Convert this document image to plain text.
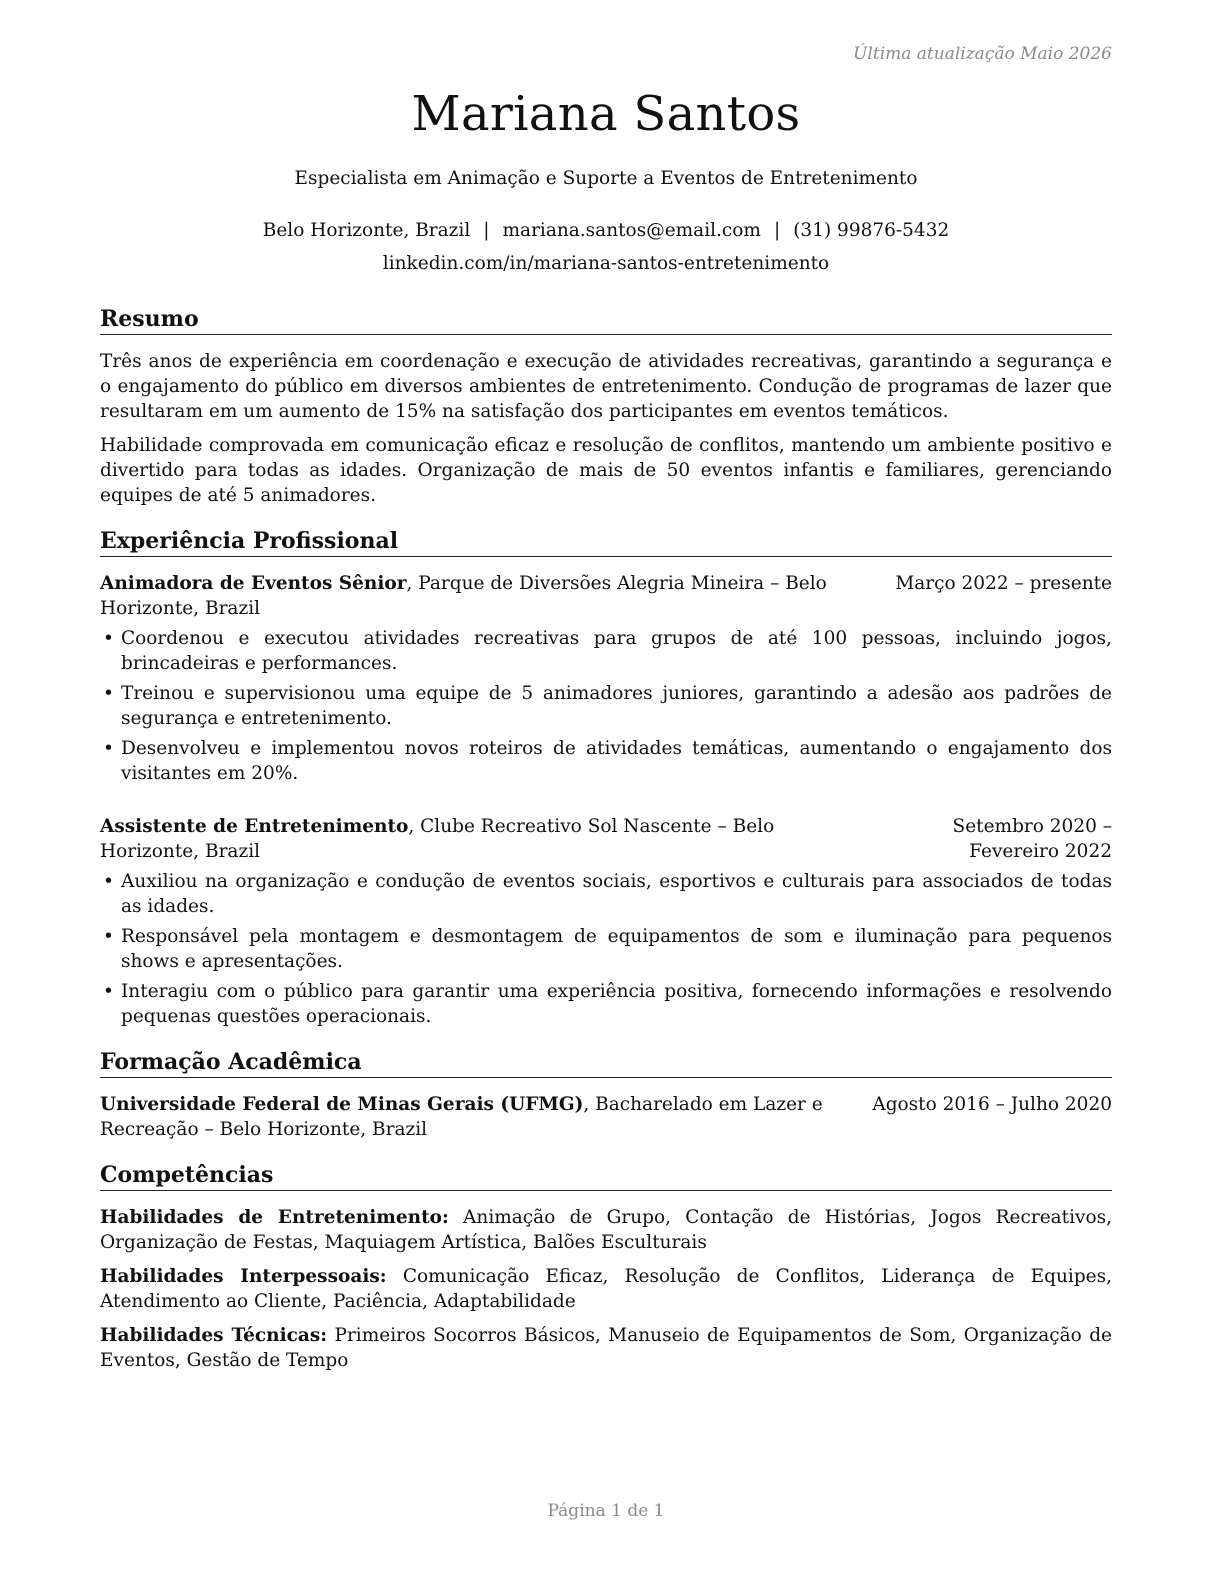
Última atualização Maio 2026
Mariana Santos
Especialista em Animação e Suporte a Eventos de Entretenimento
Belo Horizonte, Brazil | mariana.santos@email.com | (31) 99876-5432
linkedin.com/in/mariana-santos-entretenimento
Resumo

Três anos de experiência em coordenação e execução de atividades recreativas, garantindo a segurança e o engajamento do público em diversos ambientes de entretenimento. Condução de programas de lazer que resultaram em um aumento de 15% na satisfação dos participantes em eventos temáticos.

Habilidade comprovada em comunicação eficaz e resolução de conflitos, mantendo um ambiente positivo e divertido para todas as idades. Organização de mais de 50 eventos infantis e familiares, gerenciando equipes de até 5 animadores.

Experiência Profissional
Animadora de Eventos Sênior, Parque de Diversões Alegria Mineira – Belo Horizonte, Brazil
Março 2022 – presente
• Coordenou e executou atividades recreativas para grupos de até 100 pessoas, incluindo jogos, brincadeiras e performances.
• Treinou e supervisionou uma equipe de 5 animadores juniores, garantindo a adesão aos padrões de segurança e entretenimento.
• Desenvolveu e implementou novos roteiros de atividades temáticas, aumentando o engajamento dos visitantes em 20%.
Assistente de Entretenimento, Clube Recreativo Sol Nascente – Belo Horizonte, Brazil
Setembro 2020 – Fevereiro 2022
• Auxiliou na organização e condução de eventos sociais, esportivos e culturais para associados de todas as idades.
• Responsável pela montagem e desmontagem de equipamentos de som e iluminação para pequenos shows e apresentações.
• Interagiu com o público para garantir uma experiência positiva, fornecendo informações e resolvendo pequenas questões operacionais.
Formação Acadêmica
Universidade Federal de Minas Gerais (UFMG), Bacharelado em Lazer e Recreação – Belo Horizonte, Brazil
Agosto 2016 – Julho 2020
Competências

Habilidades de Entretenimento: Animação de Grupo, Contação de Histórias, Jogos Recreativos, Organização de Festas, Maquiagem Artística, Balões Esculturais

Habilidades Interpessoais: Comunicação Eficaz, Resolução de Conflitos, Liderança de Equipes, Atendimento ao Cliente, Paciência, Adaptabilidade

Habilidades Técnicas: Primeiros Socorros Básicos, Manuseio de Equipamentos de Som, Organização de Eventos, Gestão de Tempo

Página 1 de 1
